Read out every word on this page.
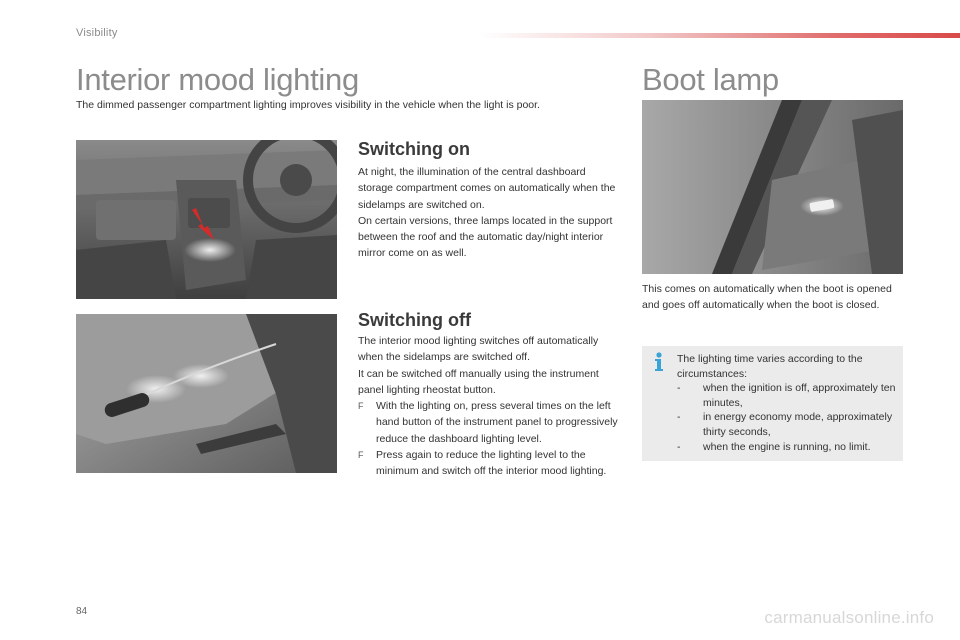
Visibility
Interior mood lighting	Boot lamp

The dimmed passenger compartment lighting improves visibility in the vehicle when the light is poor.

Switching on

At night, the illumination of the central dashboard storage compartment comes on automatically when the sidelamps are switched on.

On certain versions, three lamps located in the support between the roof and the automatic day/night interior mirror come on as well.

Switching off

The interior mood lighting switches off automatically when the sidelamps are switched off.

It can be switched off manually using the instrument panel lighting rheostat button.

F With the lighting on, press several times on the left hand button of the instrument panel to progressively reduce the dashboard lighting level.

F Press again to reduce the lighting level to the minimum and switch off the interior mood lighting.

This comes on automatically when the boot is opened and goes off automatically when the boot is closed.

The lighting time varies according to the circumstances:
- when the ignition is off, approximately ten minutes,
- in energy economy mode, approximately thirty seconds,
- when the engine is running, no limit.
84	carmanualsonline.info
